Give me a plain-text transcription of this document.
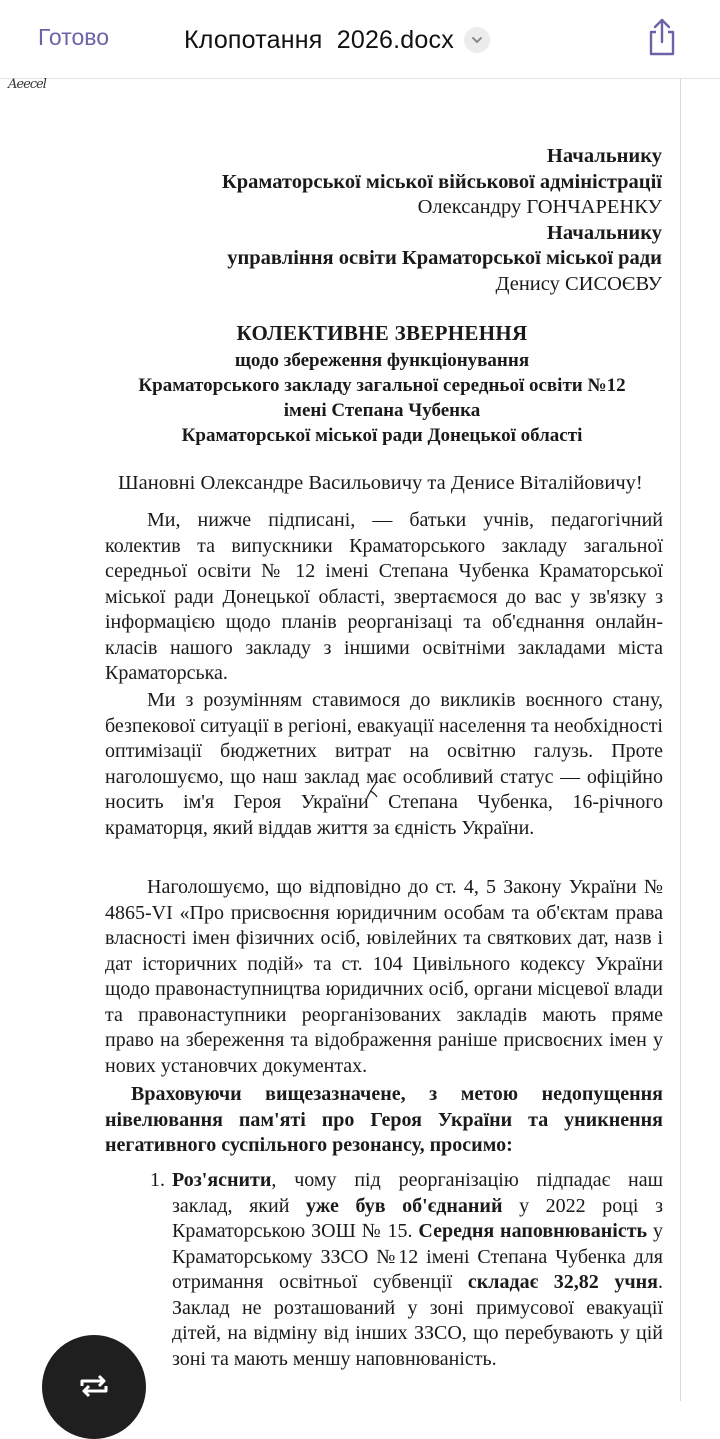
Готово	Клопотання  2026.docx
Aeecel
Начальнику
Краматорської міської військової адміністрації
Олександру ГОНЧАРЕНКУ
Начальнику
управління освіти Краматорської міської ради
Денису СИСОЄВУ
КОЛЕКТИВНЕ ЗВЕРНЕННЯ
щодо збереження функціонування
Краматорського закладу загальної середньої освіти №12
імені Степана Чубенка
Краматорської міської ради Донецької області
Шановні Олександре Васильовичу та Денисе Віталійовичу!

Ми, нижче підписані, — батьки учнів, педагогічний колектив та випускники Краматорського закладу загальної середньої освіти № 12 імені Степана Чубенка Краматорської міської ради Донецької області, звертаємося до вас у зв'язку з інформацією щодо планів реорганізаці та об'єднання онлайн-класів нашого закладу з іншими освітніми закладами міста Краматорська.

Ми з розумінням ставимося до викликів воєнного стану, безпекової ситуації в регіоні, евакуації населення та необхідності оптимізації бюджетних витрат на освітню галузь. Проте наголошуємо, що наш заклад має особливий статус — офіційно носить ім'я Героя України Степана Чубенка, 16-річного краматорця, який віддав життя за єдність України.

Наголошуємо, що відповідно до ст. 4, 5 Закону України № 4865-VI «Про присвоєння юридичним особам та об'єктам права власності імен фізичних осіб, ювілейних та святкових дат, назв і дат історичних подій» та ст. 104 Цивільного кодексу України щодо правонаступництва юридичних осіб, органи місцевої влади та правонаступники реорганізованих закладів мають пряме право на збереження та відображення раніше присвоєних імен у нових установчих документах.

Враховуючи вищезазначене, з метою недопущення нівелювання пам'яті про Героя України та уникнення негативного суспільного резонансу, просимо:

1. Роз'яснити, чому під реорганізацію підпадає наш заклад, який уже був об'єднаний у 2022 році з Краматорською ЗОШ № 15. Середня наповнюваність у Краматорському ЗЗСО №12 імені Степана Чубенка для отримання освітньої субвенції складає 32,82 учня. Заклад не розташований у зоні примусової евакуації дітей, на відміну від інших ЗЗСО, що перебувають у цій зоні та мають меншу наповнюваність.
